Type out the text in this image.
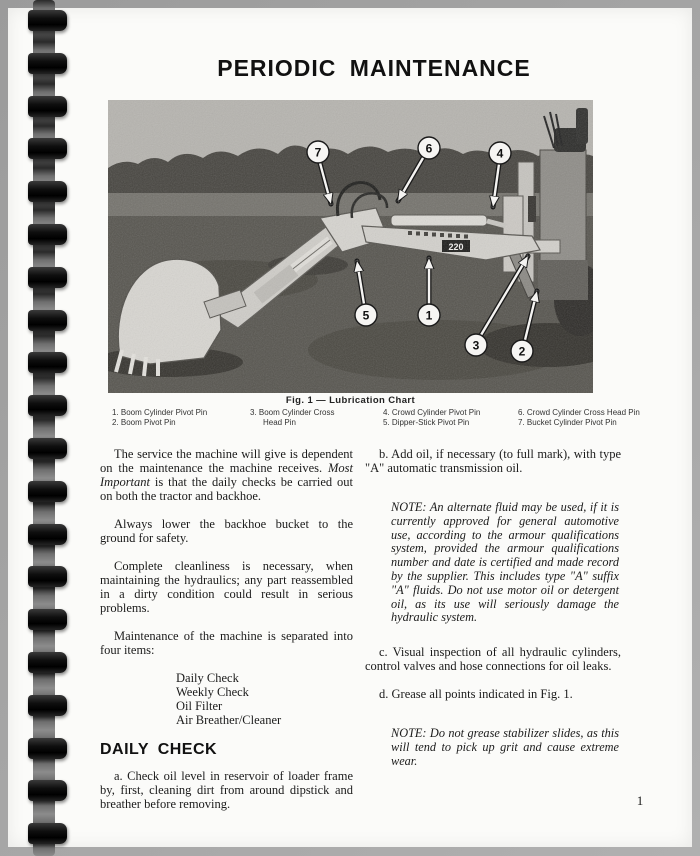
PERIODIC MAINTENANCE
220
7	6	4
5	1
3	2
Fig. 1 — Lubrication Chart
1. Boom Cylinder Pivot Pin
2. Boom Pivot Pin
3. Boom Cylinder Cross Head Pin
4. Crowd Cylinder Pivot Pin
5. Dipper-Stick Pivot Pin
6. Crowd Cylinder Cross Head Pin
7. Bucket Cylinder Pivot Pin

The service the machine will give is dependent on the maintenance the machine receives. Most Important is that the daily checks be carried out on both the tractor and backhoe.

Always lower the backhoe bucket to the ground for safety.

Complete cleanliness is necessary, when maintaining the hydraulics; any part reassembled in a dirty condition could result in serious problems.

Maintenance of the machine is separated into four items:

Daily Check
Weekly Check
Oil Filter
Air Breather/Cleaner
DAILY CHECK

a. Check oil level in reservoir of loader frame by, first, cleaning dirt from around dipstick and breather before removing.

b. Add oil, if necessary (to full mark), with type "A" automatic transmission oil.

NOTE: An alternate fluid may be used, if it is currently approved for general automotive use, according to the armour qualifications system, provided the armour qualifications number and date is certified and made record by the supplier. This includes type "A" suffix "A" fluids. Do not use motor oil or detergent oil, as its use will seriously damage the hydraulic system.

c. Visual inspection of all hydraulic cylinders, control valves and hose connections for oil leaks.

d. Grease all points indicated in Fig. 1.

NOTE: Do not grease stabilizer slides, as this will tend to pick up grit and cause extreme wear.

1
